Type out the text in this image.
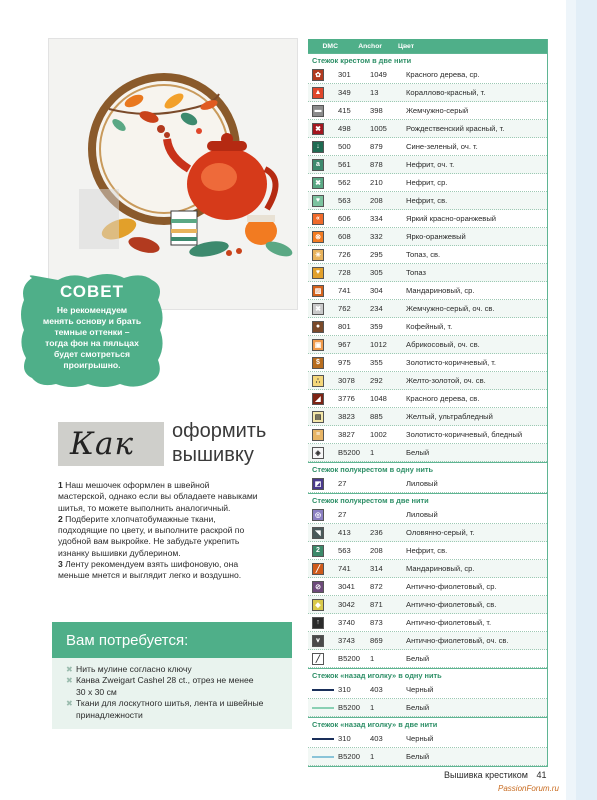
СОВЕТ
Не рекомендуем
менять основу и брать
темные оттенки –
тогда фон на пяльцах
будет смотреться
проигрышно.
Как оформить
вышивку
1 Наш мешочек оформлен в швейной
мастерской, однако если вы обладаете навыками
шитья, то можете выполнить аналогичный.
2 Подберите хлопчатобумажные ткани,
подходящие по цвету, и выполните раскрой по
удобной вам выкройке. Не забудьте укрепить
изнанку вышивки дублерином.
3 Ленту рекомендуем взять шифоновую, она
меньше мнется и выглядит легко и воздушно.
Вам потребуется:
✖ Нить мулине согласно ключу
✖ Канва Zweigart Cashel 28 ct., отрез не менее
30 х 30 см
✖ Ткани для лоскутного шитья, лента и швейные
принадлежности
DMC	Anchor Цвет
Стежок крестом в две нити
✿	301	1049	Красного дерева, ср.
▲	349	13	Кораллово-красный, т.
▬	415	398	Жемчужно-серый
✖	498	1005	Рождественский красный, т.
↓	500	879	Сине-зеленый, оч. т.
a	561	878	Нефрит, оч. т.
✖	562	210	Нефрит, ср.
♥	563	208	Нефрит, св.
«	606	334	Яркий красно-оранжевый
⊗	608	332	Ярко-оранжевый
✳	726	295	Топаз, св.
♥	728	305	Топаз
▨	741	304	Мандариновый, ср.
✖	762	234	Жемчужно-серый, оч. св.
●	801	359	Кофейный, т.
▣	967	1012	Абрикосовый, оч. св.
$	975	355	Золотисто-коричневый, т.
∴	3078	292	Желто-золотой, оч. св.
◢	3776	1048	Красного дерева, св.
▤	3823	885	Желтый, ультрабледный
≡	3827	1002	Золотисто-коричневый, бледный
◈	B5200	1	Белый
Стежок полукрестом в одну нить
◩	27	Лиловый
Стежок полукрестом в две нити
◎	27	Лиловый
◥	413	236	Оловянно-серый, т.
2	563	208	Нефрит, св.
╱	741	314	Мандариновый, ср.
⊘	3041	872	Антично-фиолетовый, ср.
◆	3042	871	Антично-фиолетовый, св.
↑	3740	873	Антично-фиолетовый, т.
⩛	3743	869	Антично-фиолетовый, оч. св.
╱	B5200	1	Белый
Стежок «назад иголку» в одну нить
310	403	Черный
B5200	1	Белый
Стежок «назад иголку» в две нити
310	403	Черный
B5200	1	Белый
Вышивка крестиком 41
PassionForum.ru
